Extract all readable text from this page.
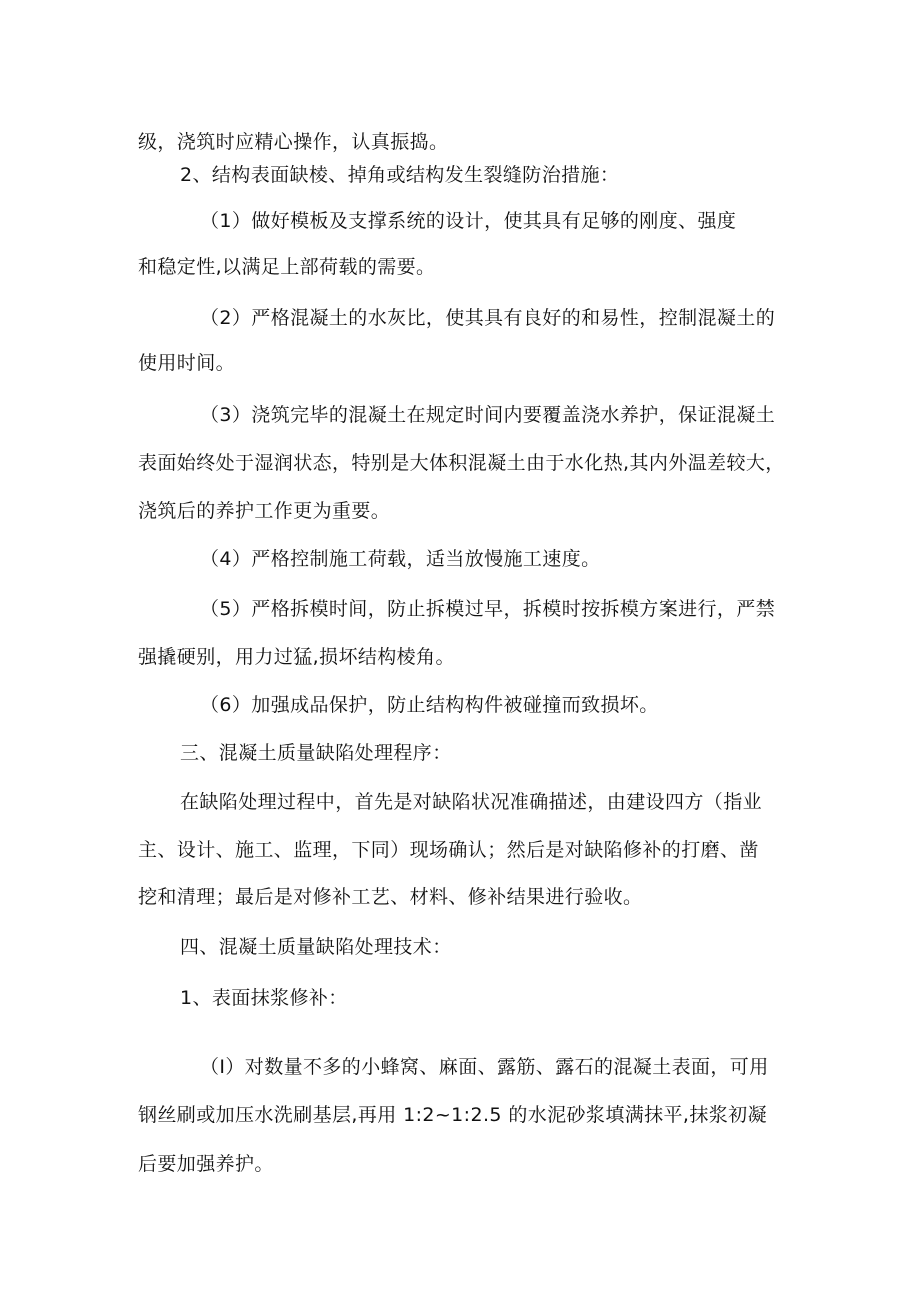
级，浇筑时应精心操作，认真振捣。
2、结构表面缺棱、掉角或结构发生裂缝防治措施：
（1）做好模板及支撑系统的设计，使其具有足够的刚度、强度
和稳定性,以满足上部荷载的需要。
（2）严格混凝土的水灰比，使其具有良好的和易性，控制混凝土的
使用时间。
（3）浇筑完毕的混凝土在规定时间内要覆盖浇水养护，保证混凝土
表面始终处于湿润状态，特别是大体积混凝土由于水化热,其内外温差较大，
浇筑后的养护工作更为重要。
（4）严格控制施工荷载，适当放慢施工速度。
（5）严格拆模时间，防止拆模过早，拆模时按拆模方案进行，严禁
强撬硬别，用力过猛,损坏结构棱角。
（6）加强成品保护，防止结构构件被碰撞而致损坏。
三、混凝土质量缺陷处理程序：
在缺陷处理过程中，首先是对缺陷状况准确描述，由建设四方（指业
主、设计、施工、监理，下同）现场确认；然后是对缺陷修补的打磨、凿
挖和清理；最后是对修补工艺、材料、修补结果进行验收。
四、混凝土质量缺陷处理技术：
1、表面抹浆修补：
（I）对数量不多的小蜂窝、麻面、露筋、露石的混凝土表面，可用
钢丝刷或加压水洗刷基层,再用 1:2~1:2.5 的水泥砂浆填满抹平,抹浆初凝
后要加强养护。
